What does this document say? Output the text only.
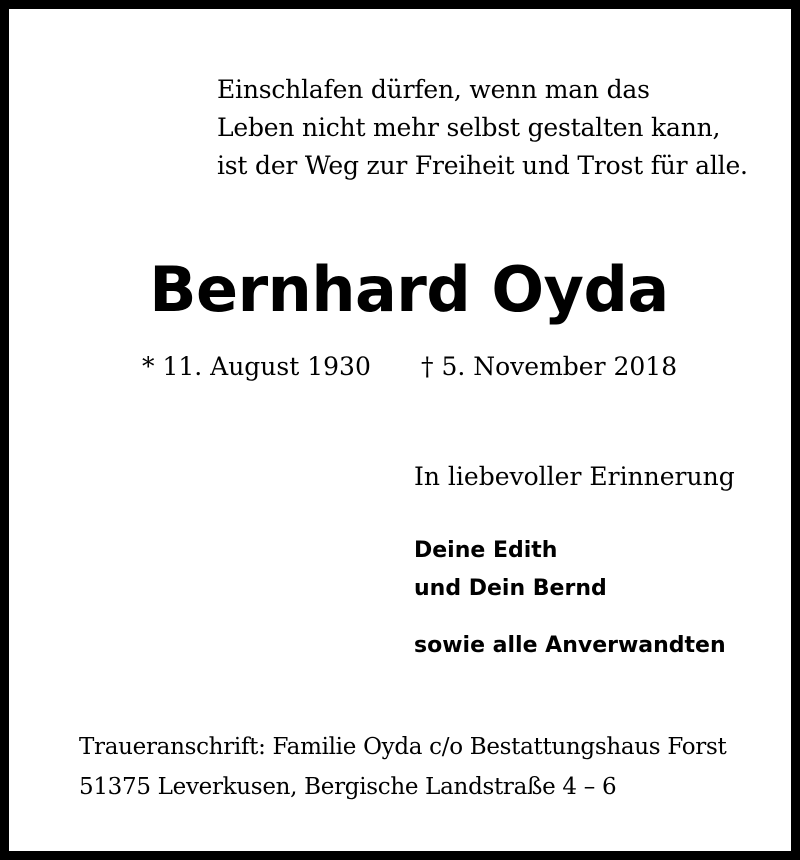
Einschlafen dürfen, wenn man das
Leben nicht mehr selbst gestalten kann,
ist der Weg zur Freiheit und Trost für alle.
Bernhard Oyda
* 11. August 1930 † 5. November 2018
In liebevoller Erinnerung
Deine Edith
und Dein Bernd
sowie alle Anverwandten
Traueranschrift: Familie Oyda c/o Bestattungshaus Forst
51375 Leverkusen, Bergische Landstraße 4 – 6
